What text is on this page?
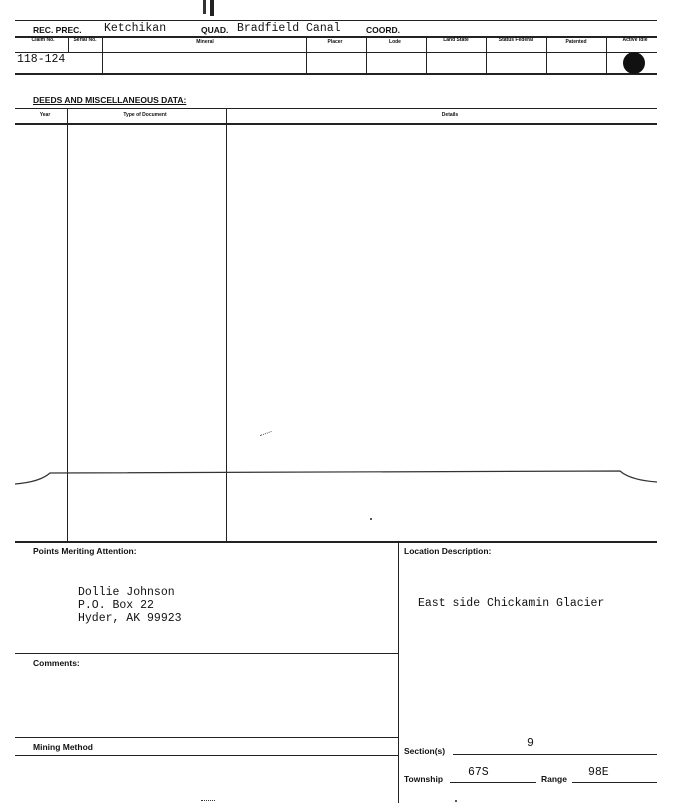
REC. PREC. Ketchikan	QUAD. Bradfield Canal	COORD.
Claim No.	Serial No.	Mineral	Placer	Lode	Land State	Status Federal	Patented	Active Idle
118-124
DEEDS AND MISCELLANEOUS DATA:
Year	Type of Document	Details
Points Meriting Attention:
Dollie Johnson
P.O. Box 22
Hyder, AK 99923
Location Description:
East side Chickamin Glacier
Comments:
Mining Method	Section(s)
9
Township 67S	Range 98E
